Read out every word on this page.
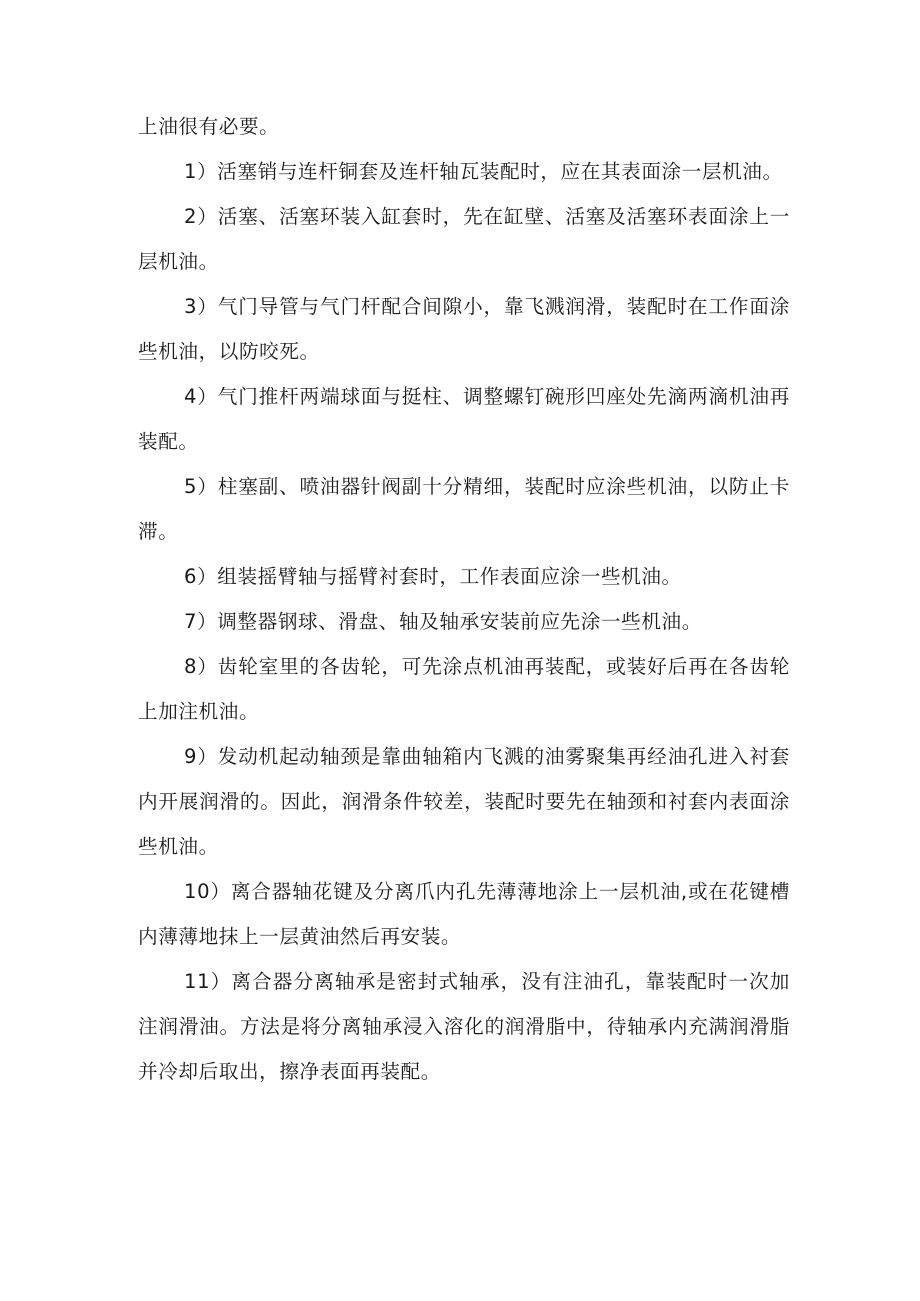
上油很有必要。

1）活塞销与连杆铜套及连杆轴瓦装配时，应在其表面涂一层机油。

2）活塞、活塞环装入缸套时，先在缸壁、活塞及活塞环表面涂上一层机油。

3）气门导管与气门杆配合间隙小，靠飞溅润滑，装配时在工作面涂些机油，以防咬死。

4）气门推杆两端球面与挺柱、调整螺钉碗形凹座处先滴两滴机油再装配。

5）柱塞副、喷油器针阀副十分精细，装配时应涂些机油，以防止卡滞。

6）组装摇臂轴与摇臂衬套时，工作表面应涂一些机油。

7）调整器钢球、滑盘、轴及轴承安装前应先涂一些机油。

8）齿轮室里的各齿轮，可先涂点机油再装配，或装好后再在各齿轮上加注机油。

9）发动机起动轴颈是靠曲轴箱内飞溅的油雾聚集再经油孔进入衬套内开展润滑的。因此，润滑条件较差，装配时要先在轴颈和衬套内表面涂些机油。

10）离合器轴花键及分离爪内孔先薄薄地涂上一层机油,或在花键槽内薄薄地抹上一层黄油然后再安装。

11）离合器分离轴承是密封式轴承，没有注油孔，靠装配时一次加注润滑油。方法是将分离轴承浸入溶化的润滑脂中，待轴承内充满润滑脂并冷却后取出，擦净表面再装配。
